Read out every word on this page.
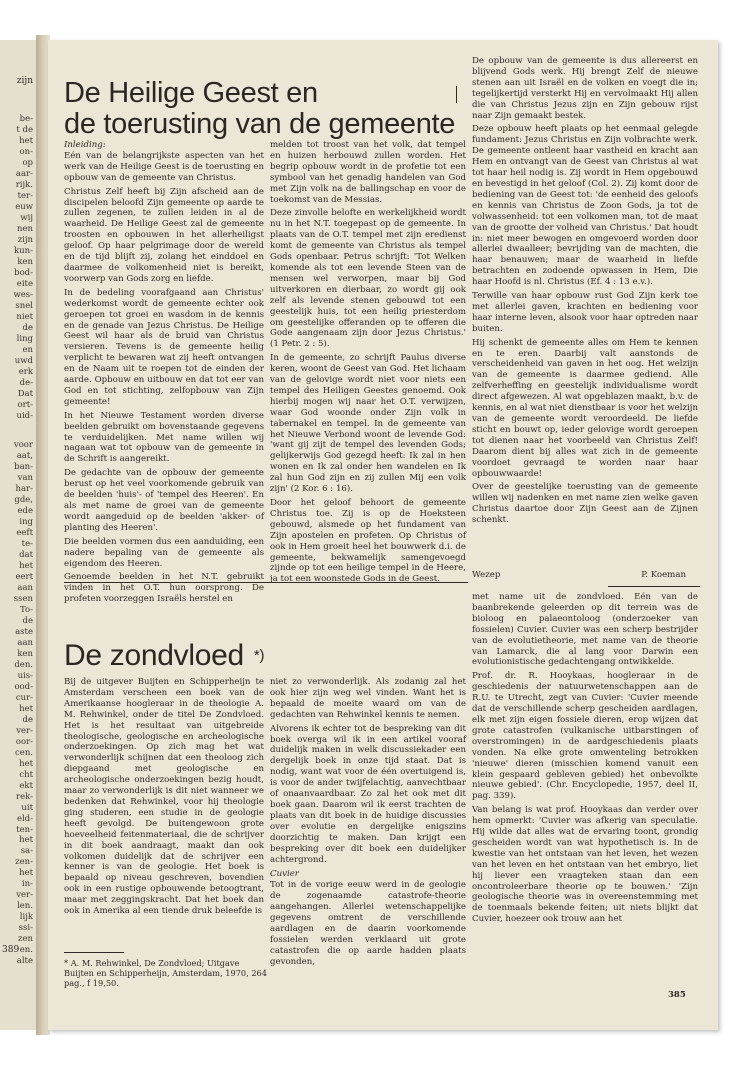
zijn
be-
t de
het
on-
op
aar-
rijk.
ter-
euw
wij
nen
zijn
kun-
ken
bod-
eite
wes-
snel
niet
de
ling
en
uwd
erk
de-
Dat
ort-
uid-
voor
aat,
ban-
van
har-
gde,
ede
ing
eeft
te-
dat
het
eert
aan
ssen
To-
de
aste
aan
ken
den.
uis-
ood-
cur-
het
de
ver-
oor-
cen.
het
cht
ekt
rek-
uit
eld-
ten-
het
sa-
zen-
het
in-
ver-
len.
lijk
ssi-
zen
en.
alte
389
De Heilige Geest en
de toerusting van de gemeente

Inleiding:

Eén van de belangrijkste aspecten van het werk van de Heilige Geest is de toerusting en opbouw van de gemeente van Christus.

Christus Zelf heeft bij Zijn afscheid aan de discipelen beloofd Zijn gemeente op aarde te zullen zegenen, te zullen leiden in al de waarheid. De Heilige Geest zal de gemeente troosten en opbouwen in het allerheiligst geloof. Op haar pelgrimage door de wereld en de tijd blijft zij, zolang het einddoel en daarmee de volkomenheid niet is bereikt, voorwerp van Gods zorg en liefde.

In de bedeling voorafgaand aan Christus' wederkomst wordt de gemeente echter ook geroepen tot groei en wasdom in de kennis en de genade van Jezus Christus. De Heilige Geest wil haar als de bruid van Christus versieren. Tevens is de gemeente heilig verplicht te bewaren wat zij heeft ontvangen en de Naam uit te roepen tot de einden der aarde. Opbouw en uitbouw en dat tot eer van God en tot stichting, zelfopbouw van Zijn gemeente!

In het Nieuwe Testament worden diverse beelden gebruikt om bovenstaande gegevens te verduidelijken. Met name willen wij nagaan wat tot opbouw van de gemeente in de Schrift is aangereikt.

De gedachte van de opbouw der gemeente berust op het veel voorkomende gebruik van de beelden 'huis'- of 'tempel des Heeren'. En als met name de groei van de gemeente wordt aangeduid op de beelden 'akker- of planting des Heeren'.

Die beelden vormen dus een aanduiding, een nadere bepaling van de gemeente als eigendom des Heeren.

Genoemde beelden in het N.T. gebruikt vinden in het O.T. hun oorsprong. De profeten voorzeggen Israëls herstel en

melden tot troost van het volk, dat tempel en huizen herbouwd zullen worden. Het begrip opbouw wordt in de profetie tot een symbool van het genadig handelen van God met Zijn volk na de ballingschap en voor de toekomst van de Messias.

Deze zinvolle belofte en werkelijkheid wordt nu in het N.T. toegepast op de gemeente. In plaats van de O.T. tempel met zijn eredienst komt de gemeente van Christus als tempel Gods openbaar. Petrus schrijft: 'Tot Welken komende als tot een levende Steen van de mensen wel verworpen, maar bij God uitverkoren en dierbaar, zo wordt gij ook zelf als levende stenen gebouwd tot een geestelijk huis, tot een heilig priesterdom om geestelijke offeranden op te offeren die Gode aangenaam zijn door Jezus Christus.' (1 Petr. 2 : 5).

In de gemeente, zo schrijft Paulus diverse keren, woont de Geest van God. Het lichaam van de gelovige wordt niet voor niets een tempel des Heiligen Geestes genoemd. Ook hierbij mogen wij naar het O.T. verwijzen, waar God woonde onder Zijn volk in tabernakel en tempel. In de gemeente van het Nieuwe Verbond woont de levende God: 'want gij zijt de tempel des levenden Gods; gelijkerwijs God gezegd heeft: Ik zal in hen wonen en Ik zal onder hen wandelen en Ik zal hun God zijn en zij zullen Mij een volk zijn' (2 Kor. 6 : 16).

Door het geloof behoort de gemeente Christus toe. Zij is op de Hoeksteen gebouwd, alsmede op het fundament van Zijn apostelen en profeten. Op Christus of ook in Hem groeit heel het bouwwerk d.i. de gemeente, bekwamelijk samengevoegd zijnde op tot een heilige tempel in de Heere, ja tot een woonstede Gods in de Geest.

De opbouw van de gemeente is dus allereerst en blijvend Gods werk. Hij brengt Zelf de nieuwe stenen aan uit Israël en de volken en voegt die in; tegelijkertijd versterkt Hij en vervolmaakt Hij allen die van Christus Jezus zijn en Zijn gebouw rijst naar Zijn gemaakt bestek.

Deze opbouw heeft plaats op het eenmaal gelegde fundament: Jezus Christus en Zijn volbrachte werk. De gemeente ontleent haar vastheid en kracht aan Hem en ontvangt van de Geest van Christus al wat tot haar heil nodig is. Zij wordt in Hem opgebouwd en bevestigd in het geloof (Col. 2). Zij komt door de bediening van de Geest tot: 'de eenheid des geloofs en kennis van Christus de Zoon Gods, ja tot de volwassenheid: tot een volkomen man, tot de maat van de grootte der volheid van Christus.' Dat houdt in: niet meer bewogen en omgevoerd worden door allerlei dwaalleer; bevrijding van de machten, die haar benauwen; maar de waarheid in liefde betrachten en zodoende opwassen in Hem, Die haar Hoofd is nl. Christus (Ef. 4 : 13 e.v.).

Terwille van haar opbouw rust God Zijn kerk toe met allerlei gaven, krachten en bediening voor haar interne leven, alsook voor haar optreden naar buiten.

Hij schenkt de gemeente alles om Hem te kennen en te eren. Daarbij valt aanstonds de verscheidenheid van gaven in het oog. Het welzijn van de gemeente is daarmee gediend. Alle zelfverheffing en geestelijk individualisme wordt direct afgewezen. Al wat opgeblazen maakt, b.v. de kennis, en al wat niet dienstbaar is voor het welzijn van de gemeente wordt veroordeeld. De liefde sticht en bouwt op, ieder gelovige wordt geroepen tot dienen naar het voorbeeld van Christus Zelf! Daarom dient bij alles wat zich in de gemeente voordoet gevraagd te worden naar haar opbouwwaarde!

Over de geestelijke toerusting van de gemeente willen wij nadenken en met name zien welke gaven Christus daartoe door Zijn Geest aan de Zijnen schenkt.

Wezep	P. Koeman
De zondvloed *)

Bij de uitgever Buijten en Schipperheijn te Amsterdam verscheen een boek van de Amerikaanse hoogleraar in de theologie A. M. Rehwinkel, onder de titel De Zondvloed. Het is het resultaat van uitgebreide theologische, geologische en archeologische onderzoekingen. Op zich mag het wat verwonderlijk schijnen dat een theoloog zich diepgaand met geologische en archeologische onderzoekingen bezig houdt, maar zo verwonderlijk is dit niet wanneer we bedenken dat Rehwinkel, voor hij theologie ging studeren, een studie in de geologie heeft gevolgd. De buitengewoon grote hoeveelheid feitenmateriaal, die de schrijver in dit boek aandraagt, maakt dan ook volkomen duidelijk dat de schrijver een kenner is van de geologie. Het boek is bepaald op niveau geschreven, bovendien ook in een rustige opbouwende betoogtrant, maar met zeggingskracht. Dat het boek dan ook in Amerika al een tiende druk beleefde is

* A. M. Rehwinkel, De Zondvloed; Uitgave Buijten en Schipperheijn, Amsterdam, 1970, 264 pag., f 19,50.

niet zo verwonderlijk. Als zodanig zal het ook hier zijn weg wel vinden. Want het is bepaald de moeite waard om van de gedachten van Rehwinkel kennis te nemen.

Alvorens ik echter tot de bespreking van dit boek overga wil ik in een artikel vooraf duidelijk maken in welk discussiekader een dergelijk boek in onze tijd staat. Dat is nodig, want wat voor de één overtuigend is, is voor de ander twijfelachtig, aanvechtbaar of onaanvaardbaar. Zo zal het ook met dit boek gaan. Daarom wil ik eerst trachten de plaats van dit boek in de huidige discussies over evolutie en dergelijke enigszins doorzichtig te maken. Dan krijgt een bespreking over dit boek een duidelijker achtergrond.

Cuvier

Tot in de vorige eeuw werd in de geologie de zogenaamde catastrofe-theorie aangehangen. Allerlei wetenschappelijke gegevens omtrent de verschillende aardlagen en de daarin voorkomende fossielen werden verklaard uit grote catastrofen die op aarde hadden plaats gevonden,

met name uit de zondvloed. Eén van de baanbrekende geleerden op dit terrein was de bioloog en palaeontoloog (onderzoeker van fossielen) Cuvier. Cuvier was een scherp bestrijder van de evolutietheorie, met name van de theorie van Lamarck, die al lang voor Darwin een evolutionistische gedachtengang ontwikkelde.

Prof. dr. R. Hooykaas, hoogleraar in de geschiedenis der natuurwetenschappen aan de R.U. te Utrecht, zegt van Cuvier: 'Cuvier meende dat de verschillende scherp gescheiden aardlagen, elk met zijn eigen fossiele dieren, erop wijzen dat grote catastrofen (vulkanische uitbarstingen of overstromingen) in de aardgeschiedenis plaats vonden. Na elke grote omwenteling betrokken 'nieuwe' dieren (misschien komend vanuit een klein gespaard gebleven gebied) het onbevolkte nieuwe gebied'. (Chr. Encyclopedie, 1957, deel II, pag. 339).

Van belang is wat prof. Hooykaas dan verder over hem opmerkt: 'Cuvier was afkerig van speculatie. Hij wilde dat alles wat de ervaring toont, grondig gescheiden wordt van wat hypothetisch is. In de kwestie van het ontstaan van het leven, het wezen van het leven en het ontstaan van het embryo, liet hij liever een vraagteken staan dan een oncontroleerbare theorie op te bouwen.' 'Zijn geologische theorie was in overeenstemming met de toenmaals bekende feiten; uit niets blijkt dat Cuvier, hoezeer ook trouw aan het

385
